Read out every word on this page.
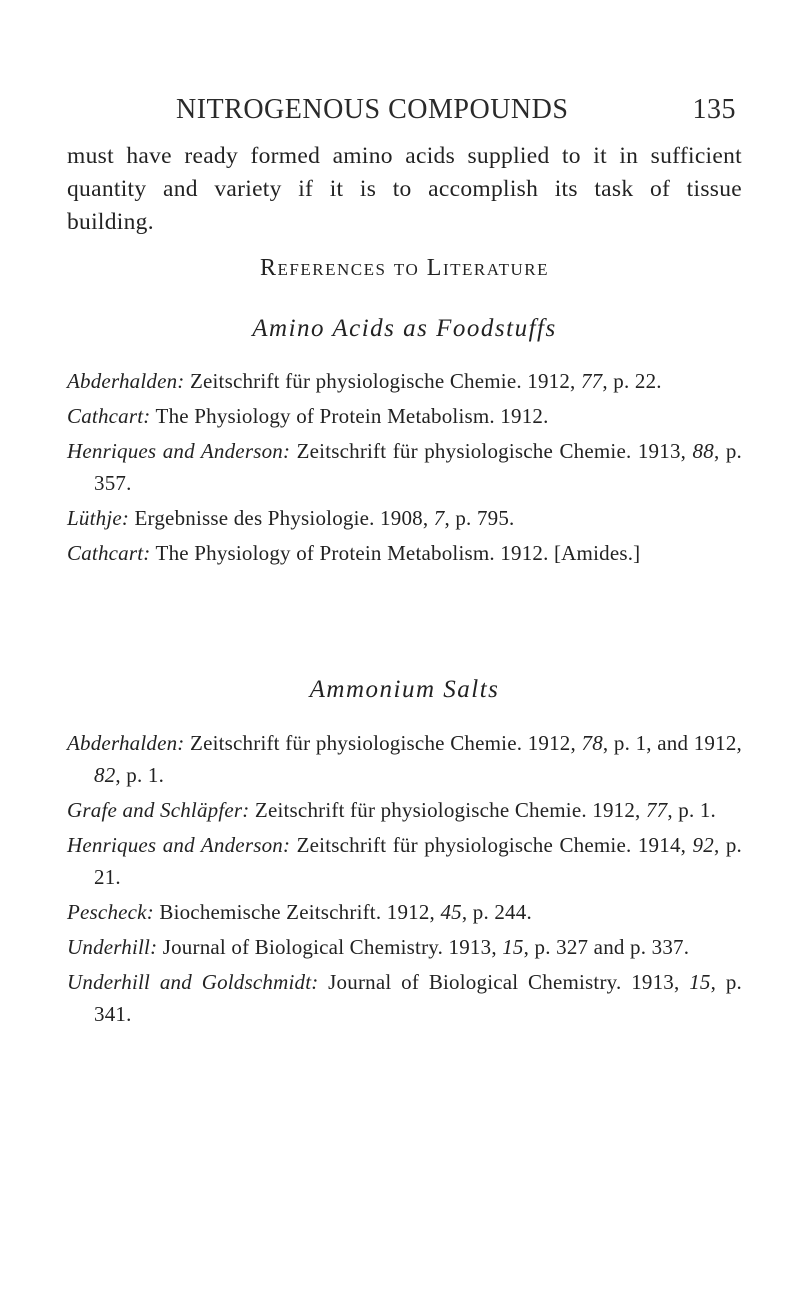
NITROGENOUS COMPOUNDS	135

must have ready formed amino acids supplied to it in sufficient quantity and variety if it is to accomplish its task of tissue building.

References to Literature
Amino Acids as Foodstuffs

Abderhalden: Zeitschrift für physiologische Chemie. 1912, 77, p. 22.

Cathcart: The Physiology of Protein Metabolism. 1912.

Henriques and Anderson: Zeitschrift für physiologische Chemie. 1913, 88, p. 357.

Lüthje: Ergebnisse des Physiologie. 1908, 7, p. 795.

Cathcart: The Physiology of Protein Metabolism. 1912. [Amides.]

Ammonium Salts

Abderhalden: Zeitschrift für physiologische Chemie. 1912, 78, p. 1, and 1912, 82, p. 1.

Grafe and Schläpfer: Zeitschrift für physiologische Chemie. 1912, 77, p. 1.

Henriques and Anderson: Zeitschrift für physiologische Chemie. 1914, 92, p. 21.

Pescheck: Biochemische Zeitschrift. 1912, 45, p. 244.

Underhill: Journal of Biological Chemistry. 1913, 15, p. 327 and p. 337.

Underhill and Goldschmidt: Journal of Biological Chemistry. 1913, 15, p. 341.
